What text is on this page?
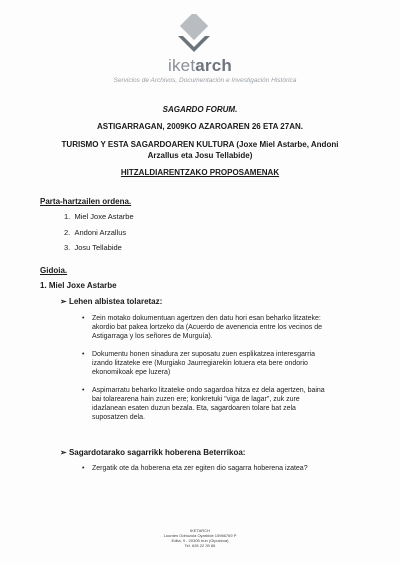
iketarch
Servicios de Archivos, Documentación e Investigación Histórica
SAGARDO FORUM.
ASTIGARRAGAN, 2009KO AZAROAREN 26 ETA 27AN.
TURISMO Y ESTA SAGARDOAREN KULTURA (Joxe Miel Astarbe, Andoni
Arzallus eta Josu Tellabide)
HITZALDIARENTZAKO PROPOSAMENAK
Parta-hartzailen ordena.
1.  Miel Joxe Astarbe
2.  Andoni Arzallus
3.  Josu Tellabide
Gidoia.
1. Miel Joxe Astarbe
➢ Lehen albistea tolaretaz:
• Zein motako dokumentuan agertzen den datu hori esan beharko litzateke:
akordio bat pakea lortzeko da (Acuerdo de avenencia entre los vecinos de
Astigarraga y los señores de Murguía).
• Dokumentu honen sinadura zer suposatu zuen esplikatzea interesgarria
izando litzateke ere (Murgiako Jaurregiarekin lotuera eta bere ondorio
ekonomikoak epe luzera)
• Aspimarratu beharko litzateke ondo sagardoa hitza ez dela agertzen, baina
bai tolarearena hain zuzen ere; konkretuki "viga de lagar", zuk zure
idazlanean esaten duzun bezala. Eta, sagardoaren tolare bat zela
suposatzen dela.
➢ Sagardotarako sagarrikk hoberena Beterrikoa:
• Zergatik ote da hoberena eta zer egiten dio sagarra hoberena izatea?
IKETARCH
Lourdes Odriozola Oyarbide 15966769 P
Edita, 9 - 20305 Irún (Gipuzkoa)
Tel. 626 22 39 86
